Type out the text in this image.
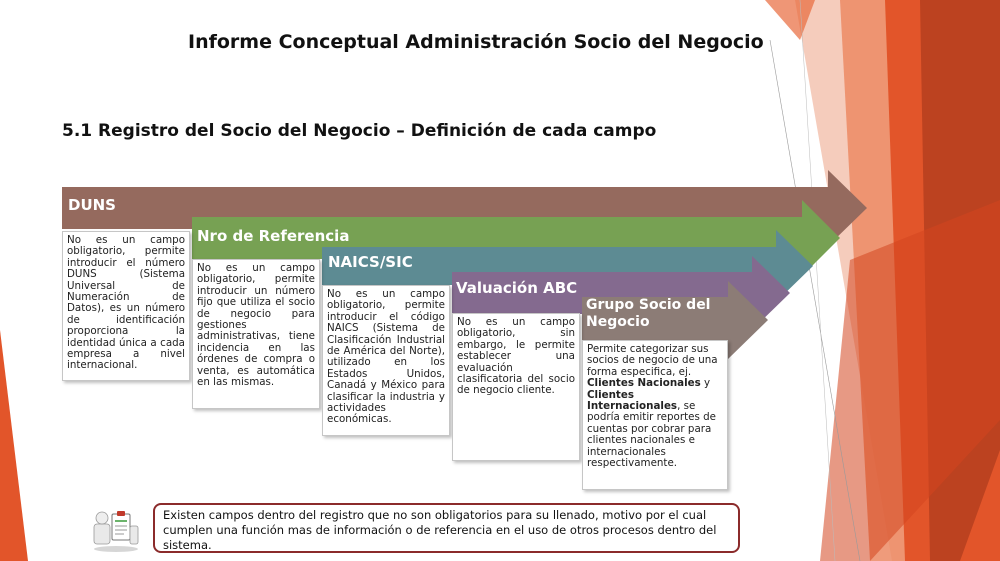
Informe Conceptual Administración Socio del Negocio
5.1 Registro del Socio del Negocio – Definición de cada campo
DUNS
Nro de Referencia
NAICS/SIC
Valuación ABC
Grupo Socio del Negocio
No es un campo obligatorio, permite introducir el número DUNS (Sistema Universal de Numeración de Datos), es un número de identificación proporciona la identidad única a cada empresa a nivel internacional.
No es un campo obligatorio, permite introducir un número fijo que utiliza el socio de negocio para gestiones administrativas, tiene incidencia en las órdenes de compra o venta, es automática en las mismas.
No es un campo obligatorio, permite introducir el código NAICS (Sistema de Clasificación Industrial de América del Norte), utilizado en los Estados Unidos, Canadá y México para clasificar la industria y actividades económicas.
No es un campo obligatorio, sin embargo, le permite establecer una evaluación clasificatoria del socio de negocio cliente.
Permite categorizar sus socios de negocio de una forma especifica, ej. Clientes Nacionales y Clientes Internacionales, se podría emitir reportes de cuentas por cobrar para clientes nacionales e internacionales respectivamente.
Existen campos dentro del registro que no son obligatorios para su llenado, motivo por el cual cumplen una función mas de información o de referencia en el uso de otros procesos dentro del sistema.
